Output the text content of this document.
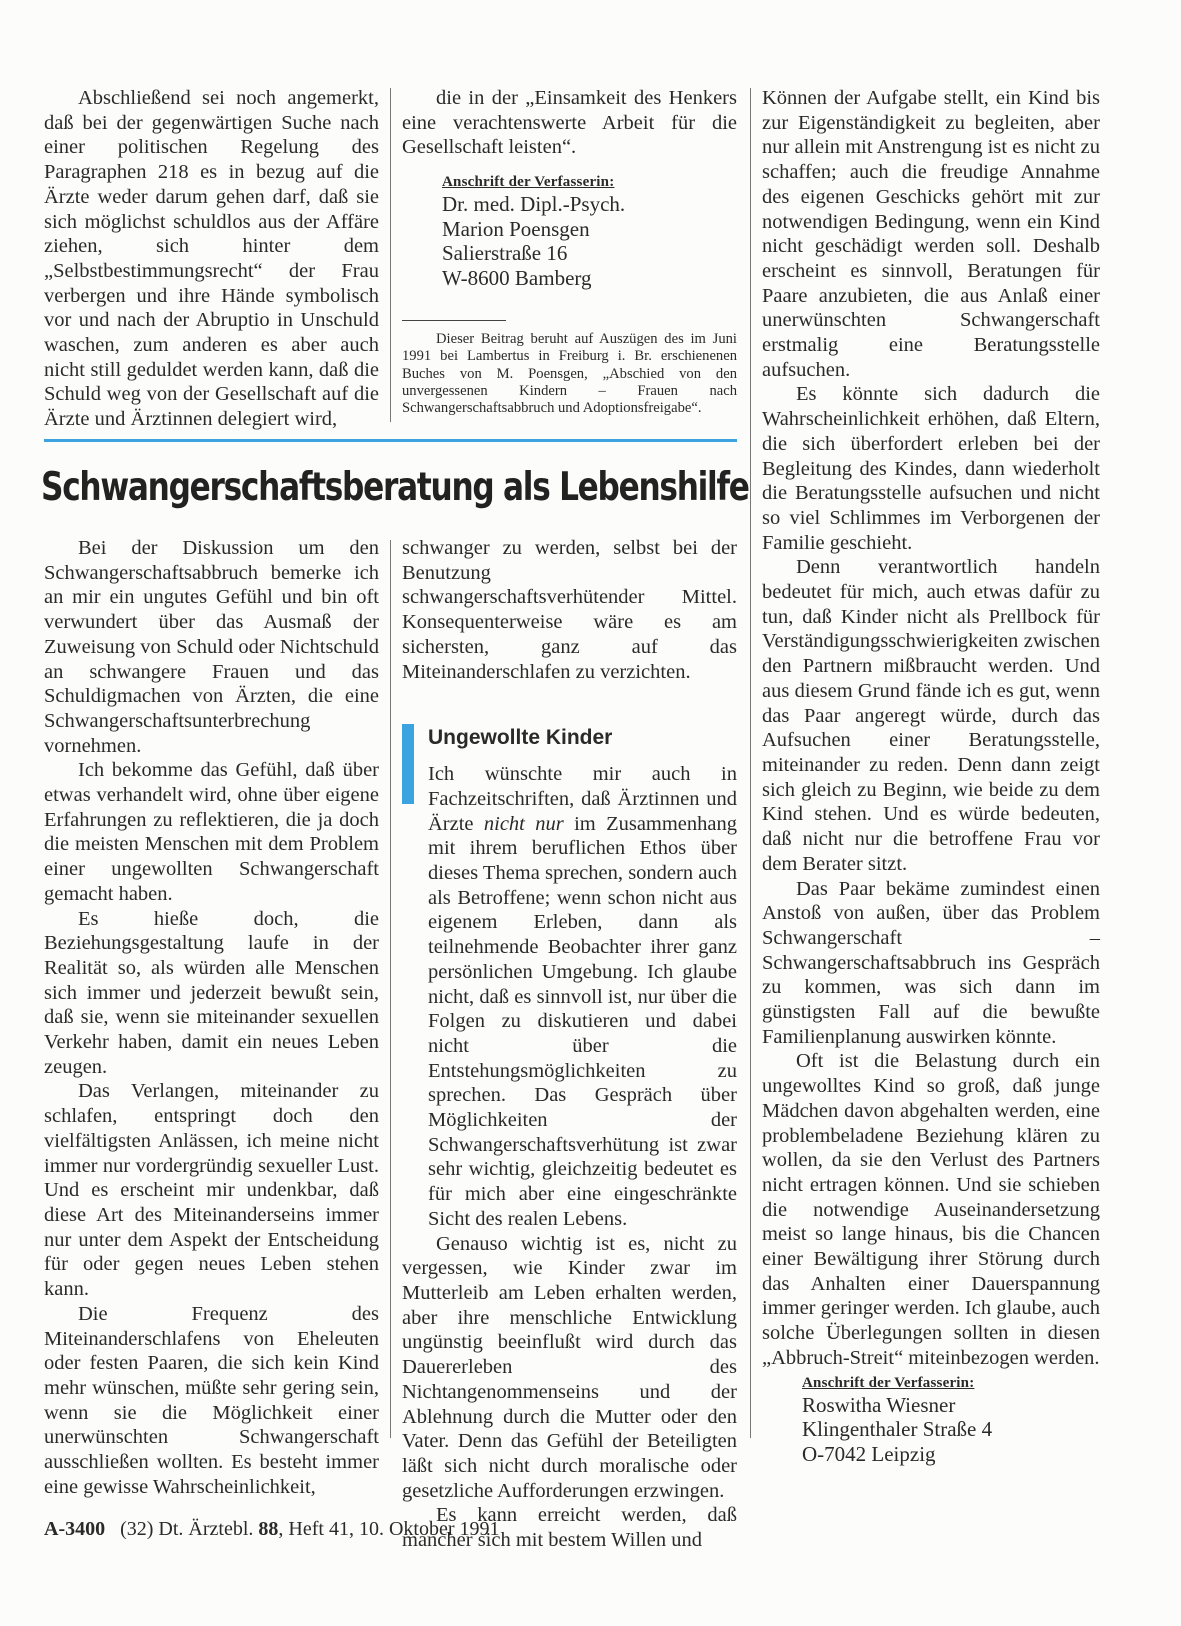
Abschließend sei noch angemerkt, daß bei der gegenwärtigen Suche nach einer politischen Regelung des Paragraphen 218 es in bezug auf die Ärzte weder darum gehen darf, daß sie sich möglichst schuldlos aus der Affäre ziehen, sich hinter dem „Selbstbestimmungsrecht“ der Frau verbergen und ihre Hände symbolisch vor und nach der Abruptio in Unschuld waschen, zum anderen es aber auch nicht still geduldet werden kann, daß die Schuld weg von der Gesellschaft auf die Ärzte und Ärztinnen delegiert wird,

die in der „Einsamkeit des Henkers eine verachtenswerte Arbeit für die Gesellschaft leisten“.

Anschrift der Verfasserin:
Dr. med. Dipl.-Psych.
Marion Poensgen
Salierstraße 16
W-8600 Bamberg

Dieser Beitrag beruht auf Auszügen des im Juni 1991 bei Lambertus in Freiburg i. Br. erschienenen Buches von M. Poensgen, „Abschied von den unvergessenen Kindern – Frauen nach Schwangerschaftsabbruch und Adoptionsfreigabe“.

Können der Aufgabe stellt, ein Kind bis zur Eigenständigkeit zu begleiten, aber nur allein mit Anstrengung ist es nicht zu schaffen; auch die freudige Annahme des eigenen Geschicks gehört mit zur notwendigen Bedingung, wenn ein Kind nicht geschädigt werden soll. Deshalb erscheint es sinnvoll, Beratungen für Paare anzubieten, die aus Anlaß einer unerwünschten Schwangerschaft erstmalig eine Beratungsstelle aufsuchen.

Es könnte sich dadurch die Wahrscheinlichkeit erhöhen, daß Eltern, die sich überfordert erleben bei der Begleitung des Kindes, dann wiederholt die Beratungsstelle aufsuchen und nicht so viel Schlimmes im Verborgenen der Familie geschieht.

Denn verantwortlich handeln bedeutet für mich, auch etwas dafür zu tun, daß Kinder nicht als Prellbock für Verständigungsschwierigkeiten zwischen den Partnern mißbraucht werden. Und aus diesem Grund fände ich es gut, wenn das Paar angeregt würde, durch das Aufsuchen einer Beratungsstelle, miteinander zu reden. Denn dann zeigt sich gleich zu Beginn, wie beide zu dem Kind stehen. Und es würde bedeuten, daß nicht nur die betroffene Frau vor dem Berater sitzt.

Das Paar bekäme zumindest einen Anstoß von außen, über das Problem Schwangerschaft – Schwangerschaftsabbruch ins Gespräch zu kommen, was sich dann im günstigsten Fall auf die bewußte Familienplanung auswirken könnte.

Oft ist die Belastung durch ein ungewolltes Kind so groß, daß junge Mädchen davon abgehalten werden, eine problembeladene Beziehung klären zu wollen, da sie den Verlust des Partners nicht ertragen können. Und sie schieben die notwendige Auseinandersetzung meist so lange hinaus, bis die Chancen einer Bewältigung ihrer Störung durch das Anhalten einer Dauerspannung immer geringer werden. Ich glaube, auch solche Überlegungen sollten in diesen „Abbruch-Streit“ miteinbezogen werden.

Anschrift der Verfasserin:
Roswitha Wiesner
Klingenthaler Straße 4
O-7042 Leipzig
Schwangerschaftsberatung als Lebenshilfe

Bei der Diskussion um den Schwangerschaftsabbruch bemerke ich an mir ein ungutes Gefühl und bin oft verwundert über das Ausmaß der Zuweisung von Schuld oder Nichtschuld an schwangere Frauen und das Schuldigmachen von Ärzten, die eine Schwangerschaftsunterbrechung vornehmen.

Ich bekomme das Gefühl, daß über etwas verhandelt wird, ohne über eigene Erfahrungen zu reflektieren, die ja doch die meisten Menschen mit dem Problem einer ungewollten Schwangerschaft gemacht haben.

Es hieße doch, die Beziehungsgestaltung laufe in der Realität so, als würden alle Menschen sich immer und jederzeit bewußt sein, daß sie, wenn sie miteinander sexuellen Verkehr haben, damit ein neues Leben zeugen.

Das Verlangen, miteinander zu schlafen, entspringt doch den vielfältigsten Anlässen, ich meine nicht immer nur vordergründig sexueller Lust. Und es erscheint mir undenkbar, daß diese Art des Miteinanderseins immer nur unter dem Aspekt der Entscheidung für oder gegen neues Leben stehen kann.

Die Frequenz des Miteinanderschlafens von Eheleuten oder festen Paaren, die sich kein Kind mehr wünschen, müßte sehr gering sein, wenn sie die Möglichkeit einer unerwünschten Schwangerschaft ausschließen wollten. Es besteht immer eine gewisse Wahrscheinlichkeit,

schwanger zu werden, selbst bei der Benutzung schwangerschaftsverhütender Mittel. Konsequenterweise wäre es am sichersten, ganz auf das Miteinanderschlafen zu verzichten.

Ungewollte Kinder

Ich wünschte mir auch in Fachzeitschriften, daß Ärztinnen und Ärzte nicht nur im Zusammenhang mit ihrem beruflichen Ethos über dieses Thema sprechen, sondern auch als Betroffene; wenn schon nicht aus eigenem Erleben, dann als teilnehmende Beobachter ihrer ganz persönlichen Umgebung. Ich glaube nicht, daß es sinnvoll ist, nur über die Folgen zu diskutieren und dabei nicht über die Entstehungsmöglichkeiten zu sprechen. Das Gespräch über Möglichkeiten der Schwangerschaftsverhütung ist zwar sehr wichtig, gleichzeitig bedeutet es für mich aber eine eingeschränkte Sicht des realen Lebens.

Genauso wichtig ist es, nicht zu vergessen, wie Kinder zwar im Mutterleib am Leben erhalten werden, aber ihre menschliche Entwicklung ungünstig beeinflußt wird durch das Dauererleben des Nichtangenommenseins und der Ablehnung durch die Mutter oder den Vater. Denn das Gefühl der Beteiligten läßt sich nicht durch moralische oder gesetzliche Aufforderungen erzwingen.

Es kann erreicht werden, daß mancher sich mit bestem Willen und

A-3400 (32) Dt. Ärztebl. 88, Heft 41, 10. Oktober 1991
